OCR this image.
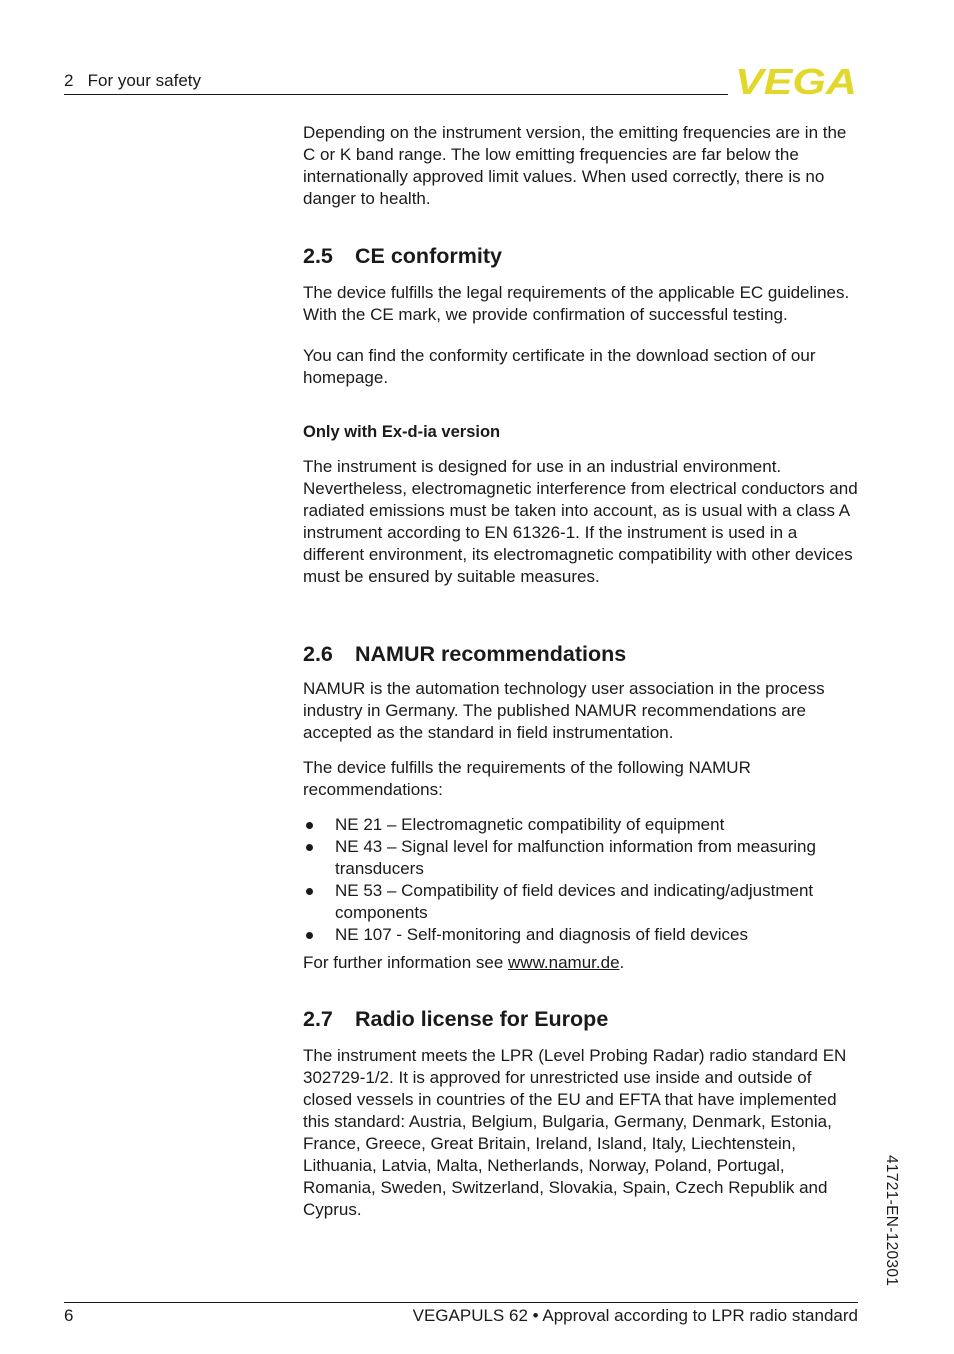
2   For your safety	VEGA

Depending on the instrument version, the emitting frequencies are in the C or K band range. The low emitting frequencies are far below the internationally approved limit values. When used correctly, there is no danger to health.

2.5 CE conformity

The device fulfills the legal requirements of the applicable EC guidelines. With the CE mark, we provide confirmation of successful testing.

You can find the conformity certificate in the download section of our homepage.

Only with Ex-d-ia version

The instrument is designed for use in an industrial environment. Nevertheless, electromagnetic interference from electrical conductors and radiated emissions must be taken into account, as is usual with a class A instrument according to EN 61326-1. If the instrument is used in a different environment, its electromagnetic compatibility with other devices must be ensured by suitable measures.

2.6 NAMUR recommendations

NAMUR is the automation technology user association in the process industry in Germany. The published NAMUR recommendations are accepted as the standard in field instrumentation.

The device fulfills the requirements of the following NAMUR recommendations:

NE 21 – Electromagnetic compatibility of equipment
NE 43 – Signal level for malfunction information from measuring transducers
NE 53 – Compatibility of field devices and indicating/adjustment components
NE 107 - Self-monitoring and diagnosis of field devices

For further information see www.namur.de.

2.7 Radio license for Europe

The instrument meets the LPR (Level Probing Radar) radio standard EN 302729-1/2. It is approved for unrestricted use inside and outside of closed vessels in countries of the EU and EFTA that have implemented this standard: Austria, Belgium, Bulgaria, Germany, Denmark, Estonia, France, Greece, Great Britain, Ireland, Island, Italy, Liechtenstein, Lithuania, Latvia, Malta, Netherlands, Norway, Poland, Portugal, Romania, Sweden, Switzerland, Slovakia, Spain, Czech Republik and Cyprus.	41721-EN-120301
6	VEGAPULS 62 • Approval according to LPR radio standard
